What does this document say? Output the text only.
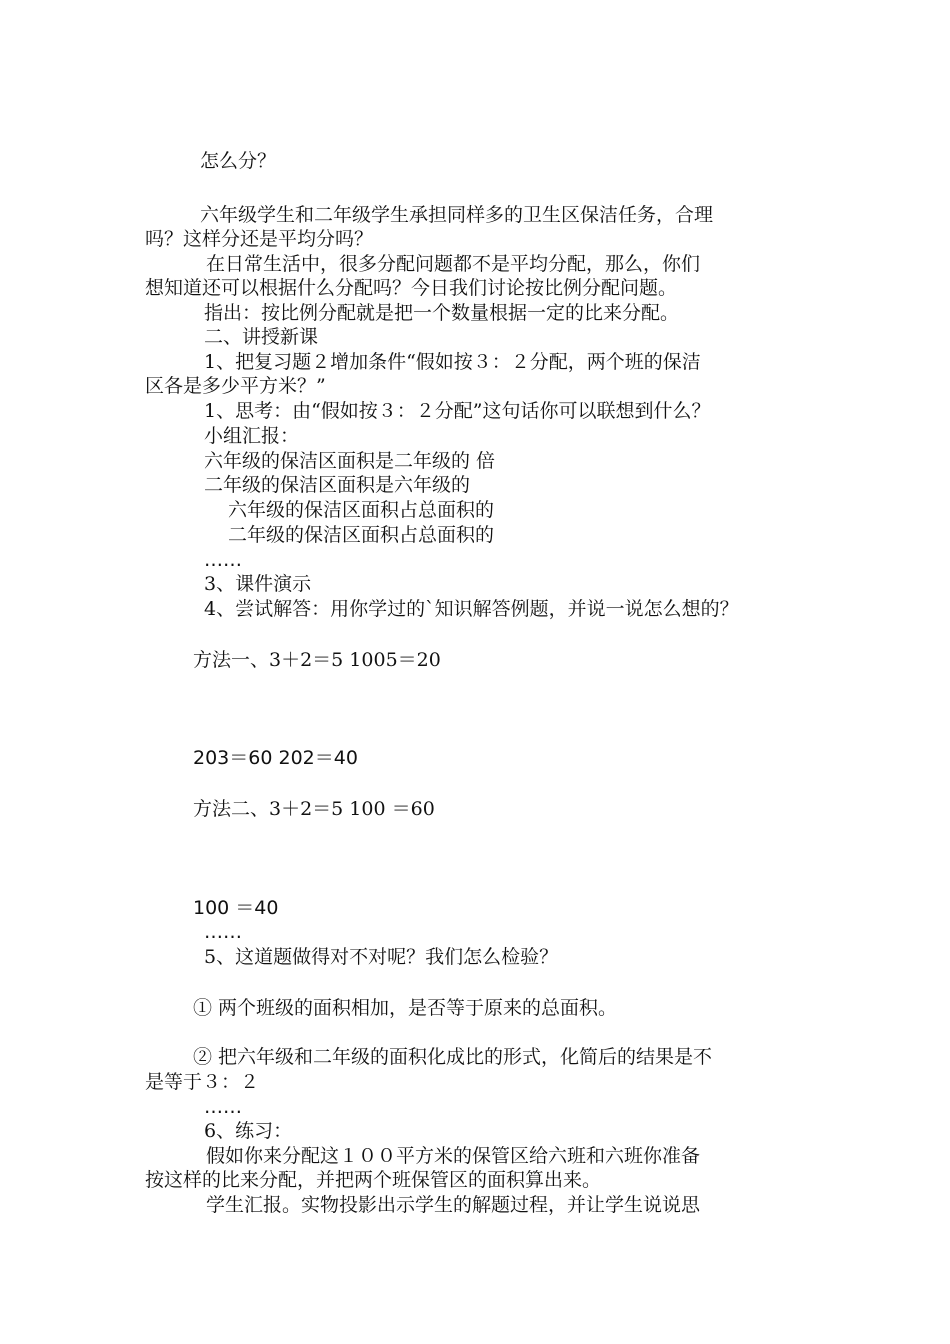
怎么分？
六年级学生和二年级学生承担同样多的卫生区保洁任务，合理
吗？这样分还是平均分吗？
在日常生活中，很多分配问题都不是平均分配，那么，你们
想知道还可以根据什么分配吗？今日我们讨论按比例分配问题。
指出：按比例分配就是把一个数量根据一定的比来分配。
二、讲授新课
1、把复习题２增加条件“假如按３：２分配，两个班的保洁
区各是多少平方米？”
1、思考：由“假如按３：２分配”这句话你可以联想到什么？
小组汇报：
六年级的保洁区面积是二年级的 倍
二年级的保洁区面积是六年级的
六年级的保洁区面积占总面积的
二年级的保洁区面积占总面积的
……
3、课件演示
4、尝试解答：用你学过的`知识解答例题，并说一说怎么想的？
方法一、3＋2＝5 1005＝20
203＝60 202＝40
方法二、3＋2＝5 100 ＝60
100 ＝40
……
5、这道题做得对不对呢？我们怎么检验？
① 两个班级的面积相加，是否等于原来的总面积。
② 把六年级和二年级的面积化成比的形式，化简后的结果是不
是等于３：２
……
6、练习：
假如你来分配这１００平方米的保管区给六班和六班你准备
按这样的比来分配，并把两个班保管区的面积算出来。
学生汇报。实物投影出示学生的解题过程，并让学生说说思
